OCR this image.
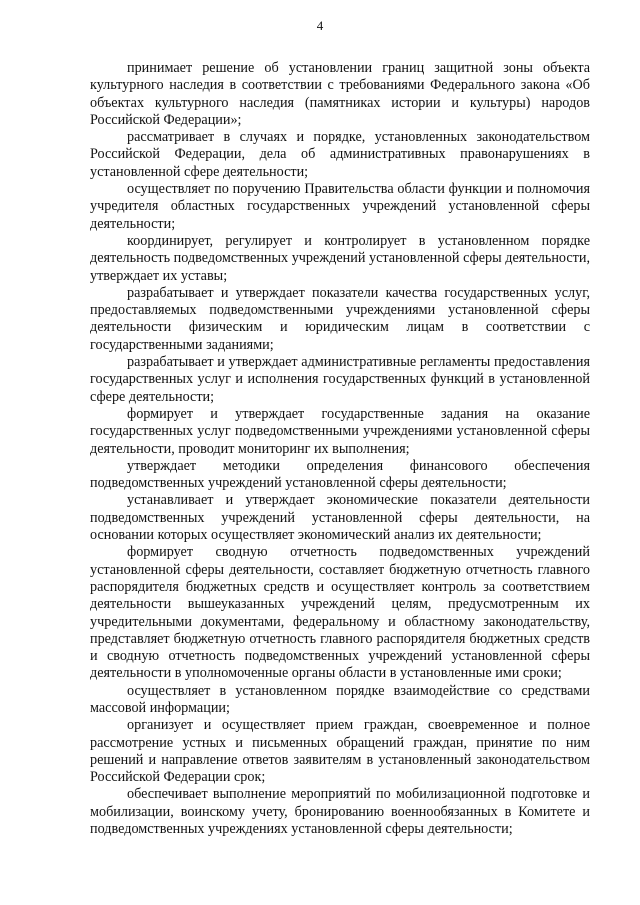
4

принимает решение об установлении границ защитной зоны объекта культурного наследия в соответствии с требованиями Федерального закона «Об объектах культурного наследия (памятниках истории и культуры) народов Российской Федерации»;

рассматривает в случаях и порядке, установленных законодательством Российской Федерации, дела об административных правонарушениях в установленной сфере деятельности;

осуществляет по поручению Правительства области функции и полномочия учредителя областных государственных учреждений установленной сферы деятельности;

координирует, регулирует и контролирует в установленном порядке деятельность подведомственных учреждений установленной сферы деятельности, утверждает их уставы;

разрабатывает и утверждает показатели качества государственных услуг, предоставляемых подведомственными учреждениями установленной сферы деятельности физическим и юридическим лицам в соответствии с государственными заданиями;

разрабатывает и утверждает административные регламенты предоставления государственных услуг и исполнения государственных функций в установленной сфере деятельности;

формирует и утверждает государственные задания на оказание государственных услуг подведомственными учреждениями установленной сферы деятельности, проводит мониторинг их выполнения;

утверждает методики определения финансового обеспечения подведомственных учреждений установленной сферы деятельности;

устанавливает и утверждает экономические показатели деятельности подведомственных учреждений установленной сферы деятельности, на основании которых осуществляет экономический анализ их деятельности;

формирует сводную отчетность подведомственных учреждений установленной сферы деятельности, составляет бюджетную отчетность главного распорядителя бюджетных средств и осуществляет контроль за соответствием деятельности вышеуказанных учреждений целям, предусмотренным их учредительными документами, федеральному и областному законодательству, представляет бюджетную отчетность главного распорядителя бюджетных средств и сводную отчетность подведомственных учреждений установленной сферы деятельности в уполномоченные органы области в установленные ими сроки;

осуществляет в установленном порядке взаимодействие со средствами массовой информации;

организует и осуществляет прием граждан, своевременное и полное рассмотрение устных и письменных обращений граждан, принятие по ним решений и направление ответов заявителям в установленный законодательством Российской Федерации срок;

обеспечивает выполнение мероприятий по мобилизационной подготовке и мобилизации, воинскому учету, бронированию военнообязанных в Комитете и подведомственных учреждениях установленной сферы деятельности;
